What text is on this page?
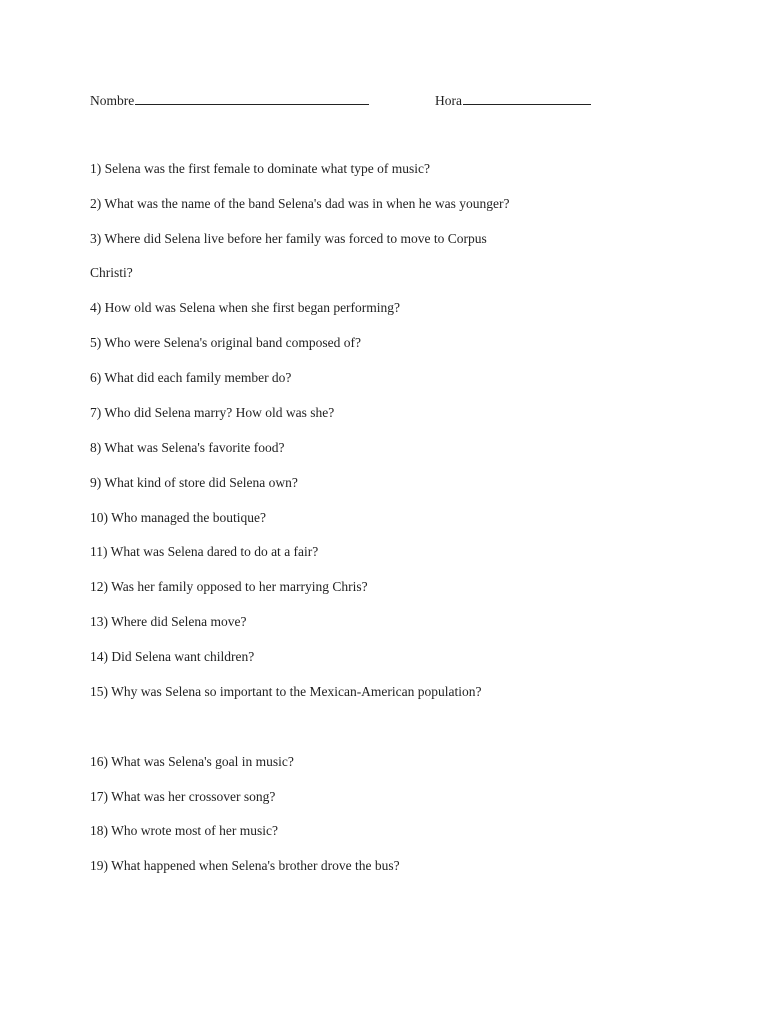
Nombre	Hora
1) Selena was the first female to dominate what type of music?
2) What was the name of the band Selena's dad was in when he was younger?
3) Where did Selena live before her family was forced to move to Corpus
Christi?
4) How old was Selena when she first began performing?
5) Who were Selena's original band composed of?
6) What did each family member do?
7) Who did Selena marry? How old was she?
8) What was Selena's favorite food?
9) What kind of store did Selena own?
10) Who managed the boutique?
11) What was Selena dared to do at a fair?
12) Was her family opposed to her marrying Chris?
13) Where did Selena move?
14) Did Selena want children?
15) Why was Selena so important to the Mexican-American population?
16) What was Selena's goal in music?
17) What was her crossover song?
18) Who wrote most of her music?
19) What happened when Selena's brother drove the bus?
